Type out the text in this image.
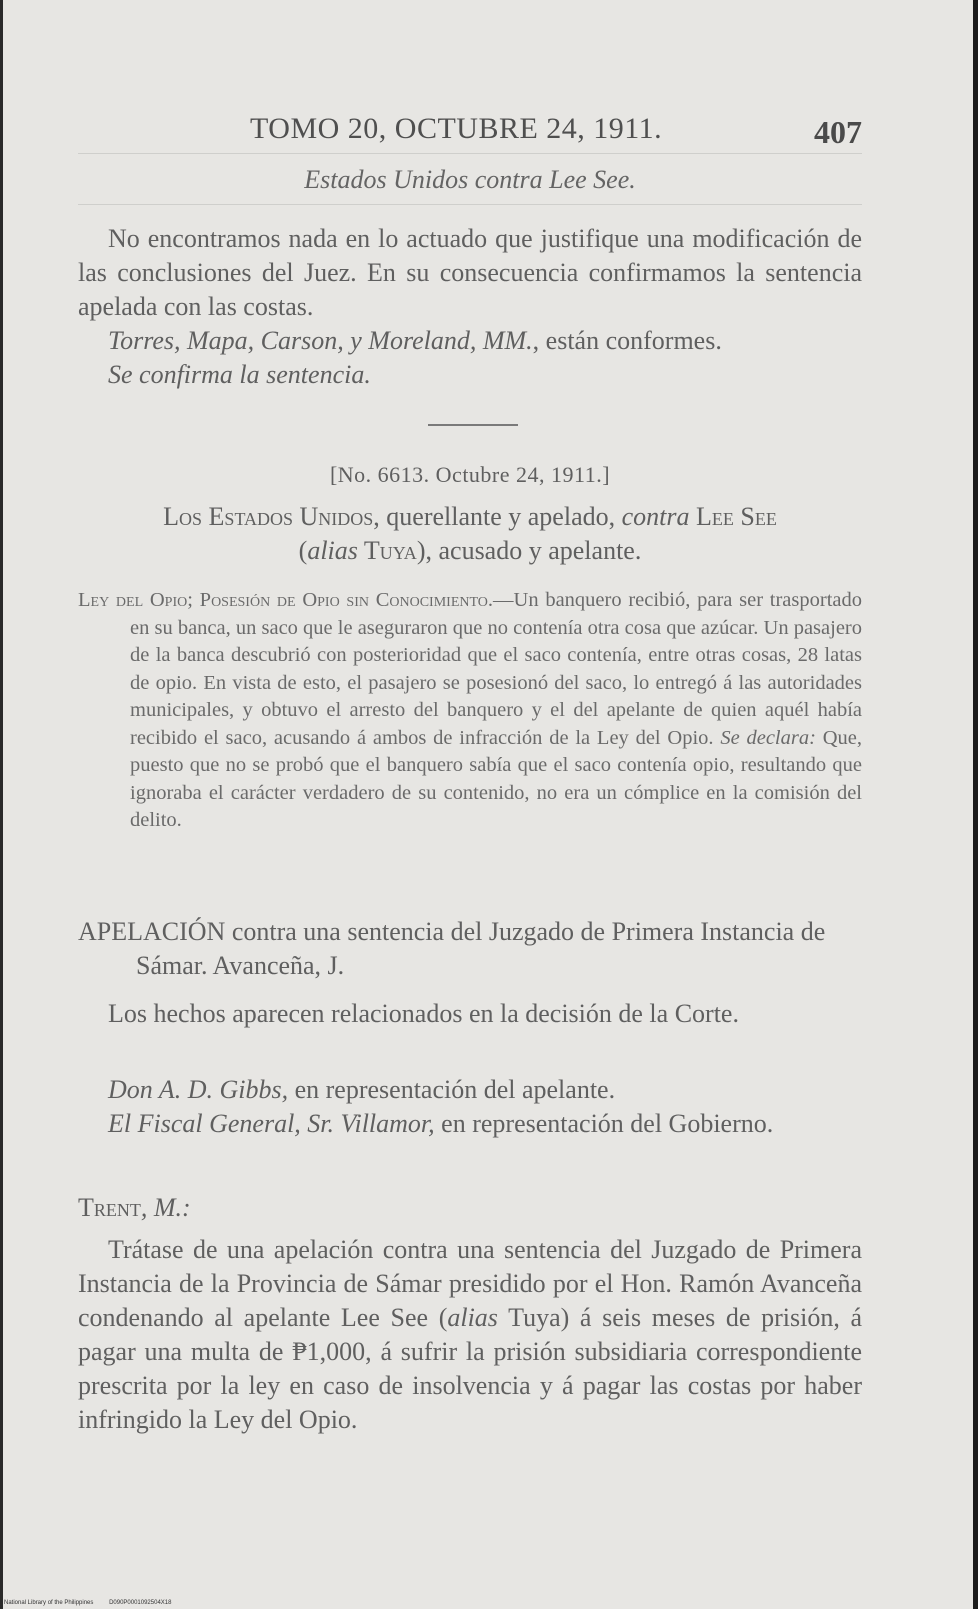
TOMO 20, OCTUBRE 24, 1911.	407
Estados Unidos contra Lee See.
No encontramos nada en lo actuado que justifique una modificación de las conclusiones del Juez. En su consecuencia confirmamos la sentencia apelada con las costas.
Torres, Mapa, Carson, y Moreland, MM., están conformes.
Se confirma la sentencia.
[No. 6613. Octubre 24, 1911.]
Los Estados Unidos, querellante y apelado, contra Lee See
(alias Tuya), acusado y apelante.
Ley del Opio; Posesión de Opio sin Conocimiento.—Un banquero recibió, para ser trasportado en su banca, un saco que le aseguraron que no contenía otra cosa que azúcar. Un pasajero de la banca descubrió con posterioridad que el saco contenía, entre otras cosas, 28 latas de opio. En vista de esto, el pasajero se posesionó del saco, lo entregó á las autoridades municipales, y obtuvo el arresto del banquero y el del apelante de quien aquél había recibido el saco, acusando á ambos de infracción de la Ley del Opio. Se declara: Que, puesto que no se probó que el banquero sabía que el saco contenía opio, resultando que ignoraba el carácter verdadero de su contenido, no era un cómplice en la comisión del delito.
APELACIÓN contra una sentencia del Juzgado de Primera Instancia de Sámar. Avanceña, J.
Los hechos aparecen relacionados en la decisión de la Corte.
Don A. D. Gibbs, en representación del apelante.
El Fiscal General, Sr. Villamor, en representación del Gobierno.
Trent, M.:
Trátase de una apelación contra una sentencia del Juzgado de Primera Instancia de la Provincia de Sámar presidido por el Hon. Ramón Avanceña condenando al apelante Lee See (alias Tuya) á seis meses de prisión, á pagar una multa de ₱1,000, á sufrir la prisión subsidiaria correspondiente prescrita por la ley en caso de insolvencia y á pagar las costas por haber infringido la Ley del Opio.
National Library of the Philippines	D090P0001092504X18
